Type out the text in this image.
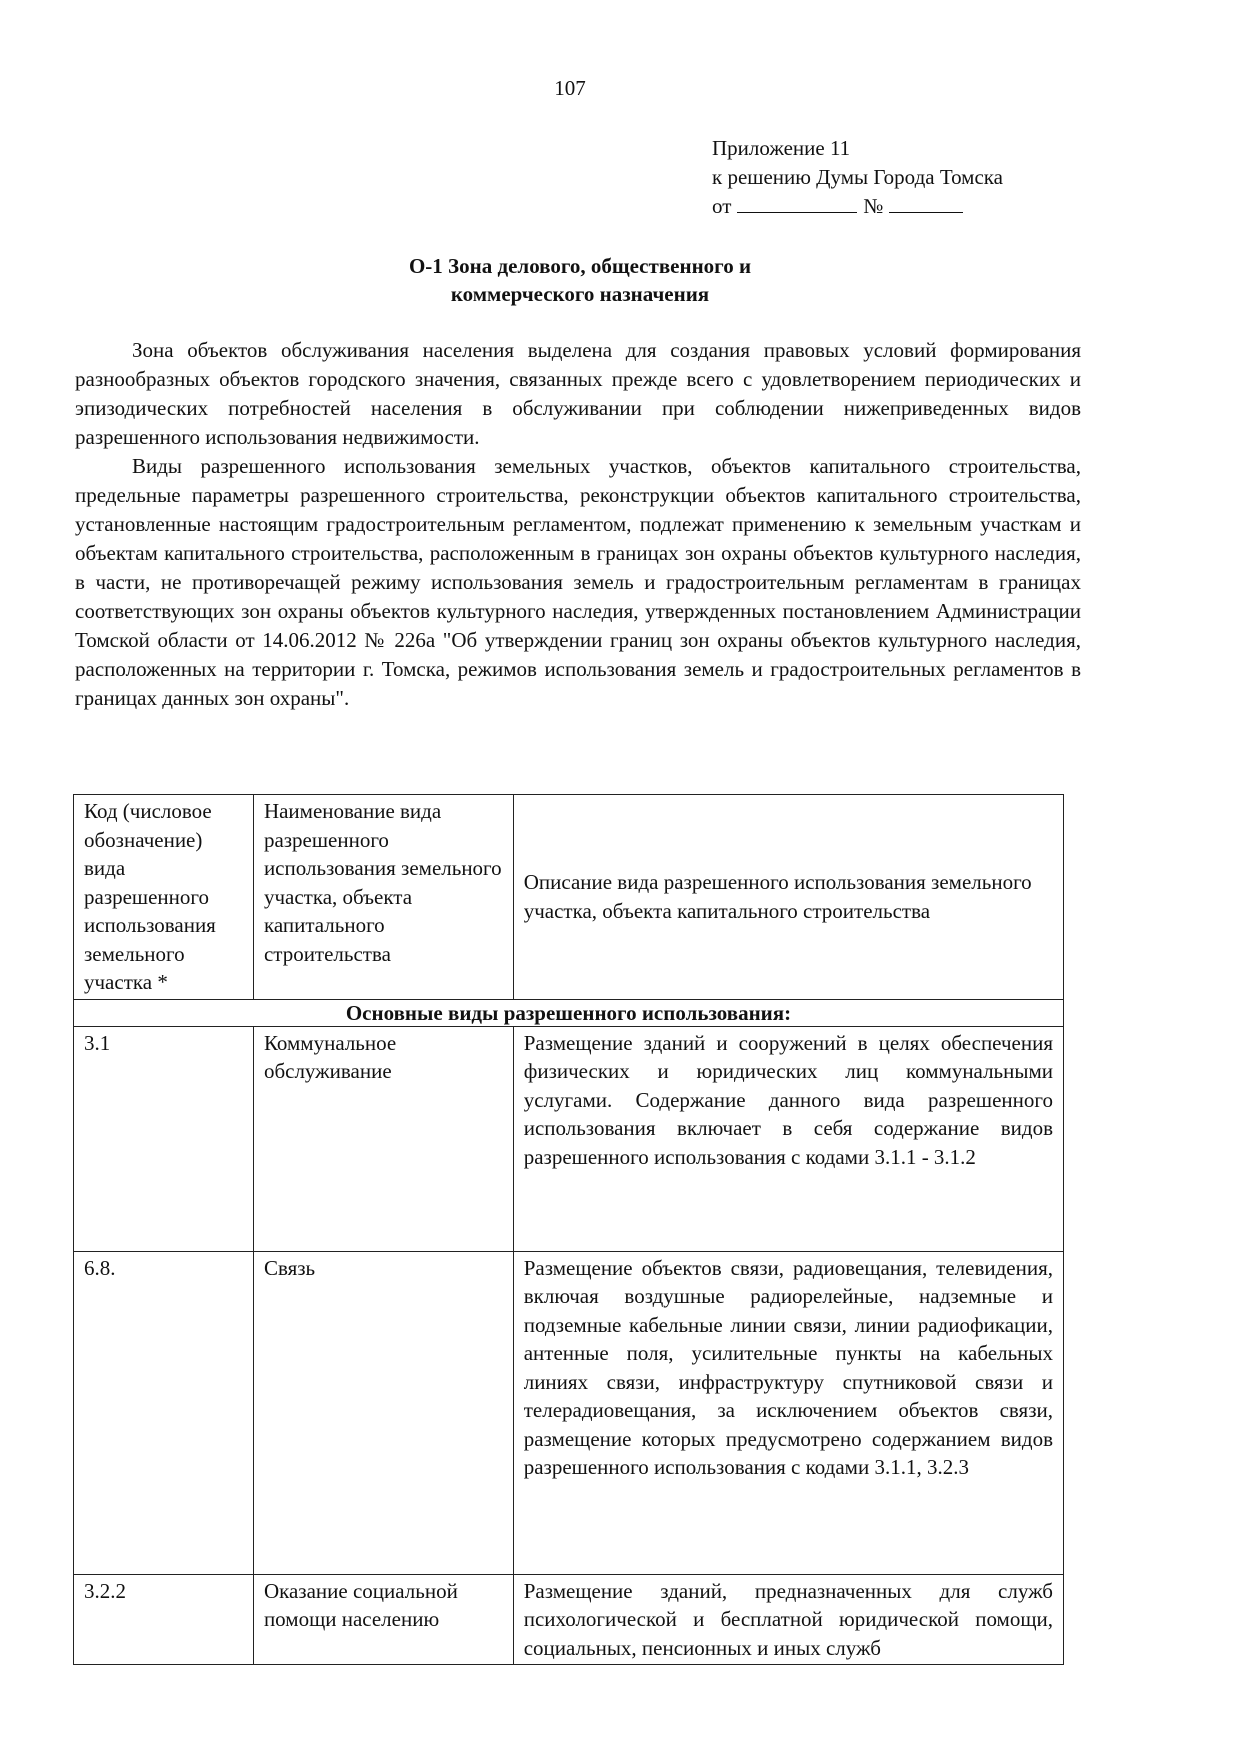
107
Приложение 11
к решению Думы Города Томска
от	№
О-1 Зона делового, общественного и
коммерческого назначения

Зона объектов обслуживания населения выделена для создания правовых условий формирования разнообразных объектов городского значения, связанных прежде всего с удовлетворением периодических и эпизодических потребностей населения в обслуживании при соблюдении нижеприведенных видов разрешенного использования недвижимости.

Виды разрешенного использования земельных участков, объектов капитального строительства, предельные параметры разрешенного строительства, реконструкции объектов капитального строительства, установленные настоящим градостроительным регламентом, подлежат применению к земельным участкам и объектам капитального строительства, расположенным в границах зон охраны объектов культурного наследия, в части, не противоречащей режиму использования земель и градостроительным регламентам в границах соответствующих зон охраны объектов культурного наследия, утвержденных постановлением Администрации Томской области от 14.06.2012 № 226а "Об утверждении границ зон охраны объектов культурного наследия, расположенных на территории г. Томска, режимов использования земель и градостроительных регламентов в границах данных зон охраны".

Код (числовое обозначение) вида разрешенного использования земельного участка *	Наименование вида разрешенного использования земельного участка, объекта капитального строительства	Описание вида разрешенного использования земельного участка, объекта капитального строительства
Основные виды разрешенного использования:		
3.1	Коммунальное обслуживание	Размещение зданий и сооружений в целях обеспечения физических и юридических лиц коммунальными услугами. Содержание данного вида разрешенного использования включает в себя содержание видов разрешенного использования с кодами 3.1.1 - 3.1.2
6.8.	Связь	Размещение объектов связи, радиовещания, телевидения, включая воздушные радиорелейные, надземные и подземные кабельные линии связи, линии радиофикации, антенные поля, усилительные пункты на кабельных линиях связи, инфраструктуру спутниковой связи и телерадиовещания, за исключением объектов связи, размещение которых предусмотрено содержанием видов разрешенного использования с кодами 3.1.1, 3.2.3
3.2.2	Оказание социальной помощи населению	Размещение зданий, предназначенных для служб психологической и бесплатной юридической помощи, социальных, пенсионных и иных служб
